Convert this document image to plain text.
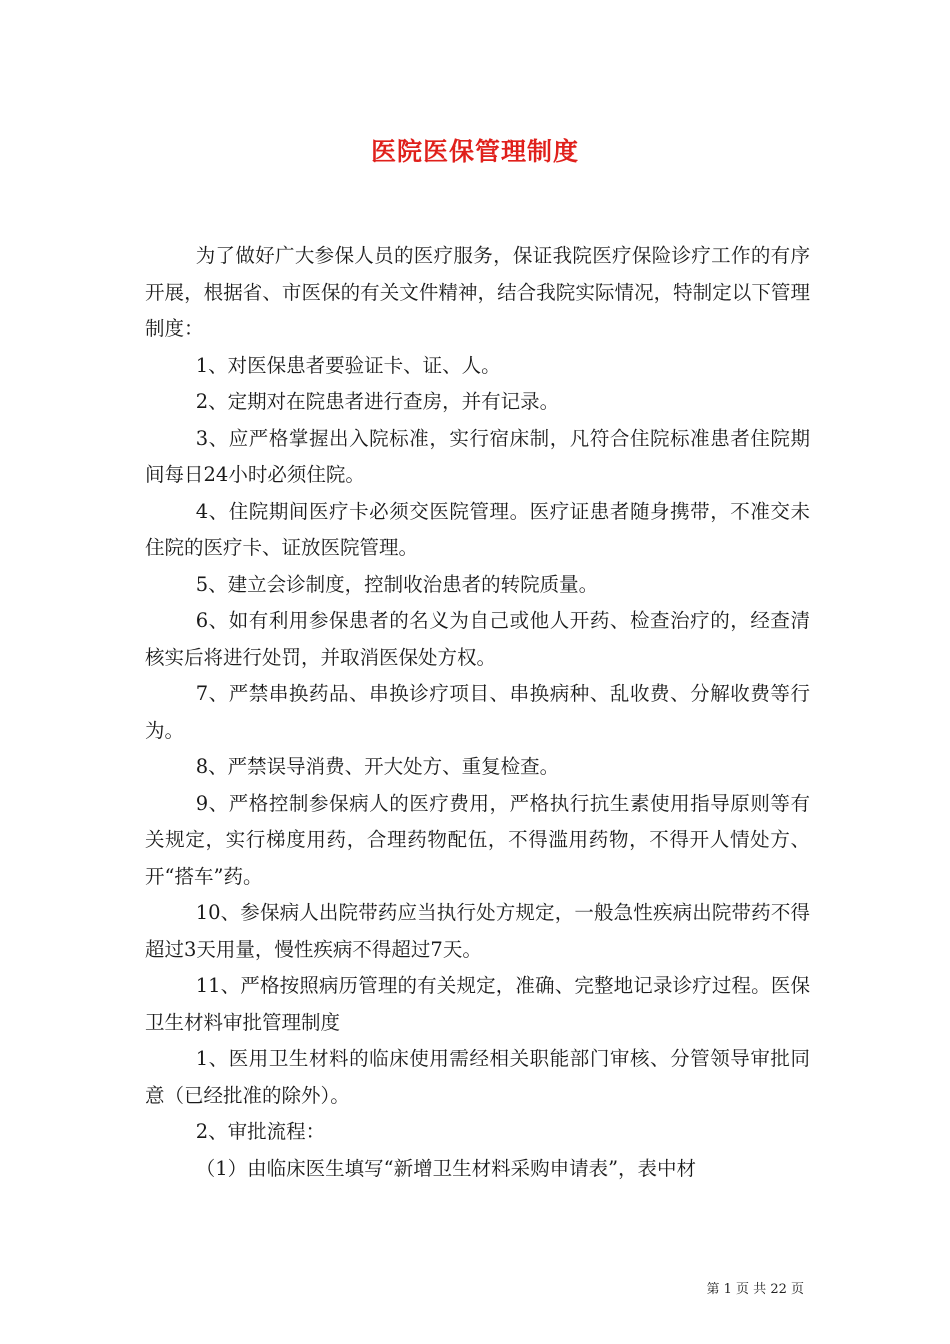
医院医保管理制度

为了做好广大参保人员的医疗服务，保证我院医疗保险诊疗工作的有序开展，根据省、市医保的有关文件精神，结合我院实际情况，特制定以下管理制度：

1、对医保患者要验证卡、证、人。

2、定期对在院患者进行查房，并有记录。

3、应严格掌握出入院标准，实行宿床制，凡符合住院标准患者住院期间每日24小时必须住院。

4、住院期间医疗卡必须交医院管理。医疗证患者随身携带，不准交未住院的医疗卡、证放医院管理。

5、建立会诊制度，控制收治患者的转院质量。

6、如有利用参保患者的名义为自己或他人开药、检查治疗的，经查清核实后将进行处罚，并取消医保处方权。

7、严禁串换药品、串换诊疗项目、串换病种、乱收费、分解收费等行为。

8、严禁误导消费、开大处方、重复检查。

9、严格控制参保病人的医疗费用，严格执行抗生素使用指导原则等有关规定，实行梯度用药，合理药物配伍，不得滥用药物，不得开人情处方、开“搭车”药。

10、参保病人出院带药应当执行处方规定，一般急性疾病出院带药不得超过3天用量，慢性疾病不得超过7天。

11、严格按照病历管理的有关规定，准确、完整地记录诊疗过程。医保卫生材料审批管理制度

1、医用卫生材料的临床使用需经相关职能部门审核、分管领导审批同意（已经批准的除外）。

2、审批流程：

（1）由临床医生填写“新增卫生材料采购申请表”，表中材

第 1 页 共 22 页
